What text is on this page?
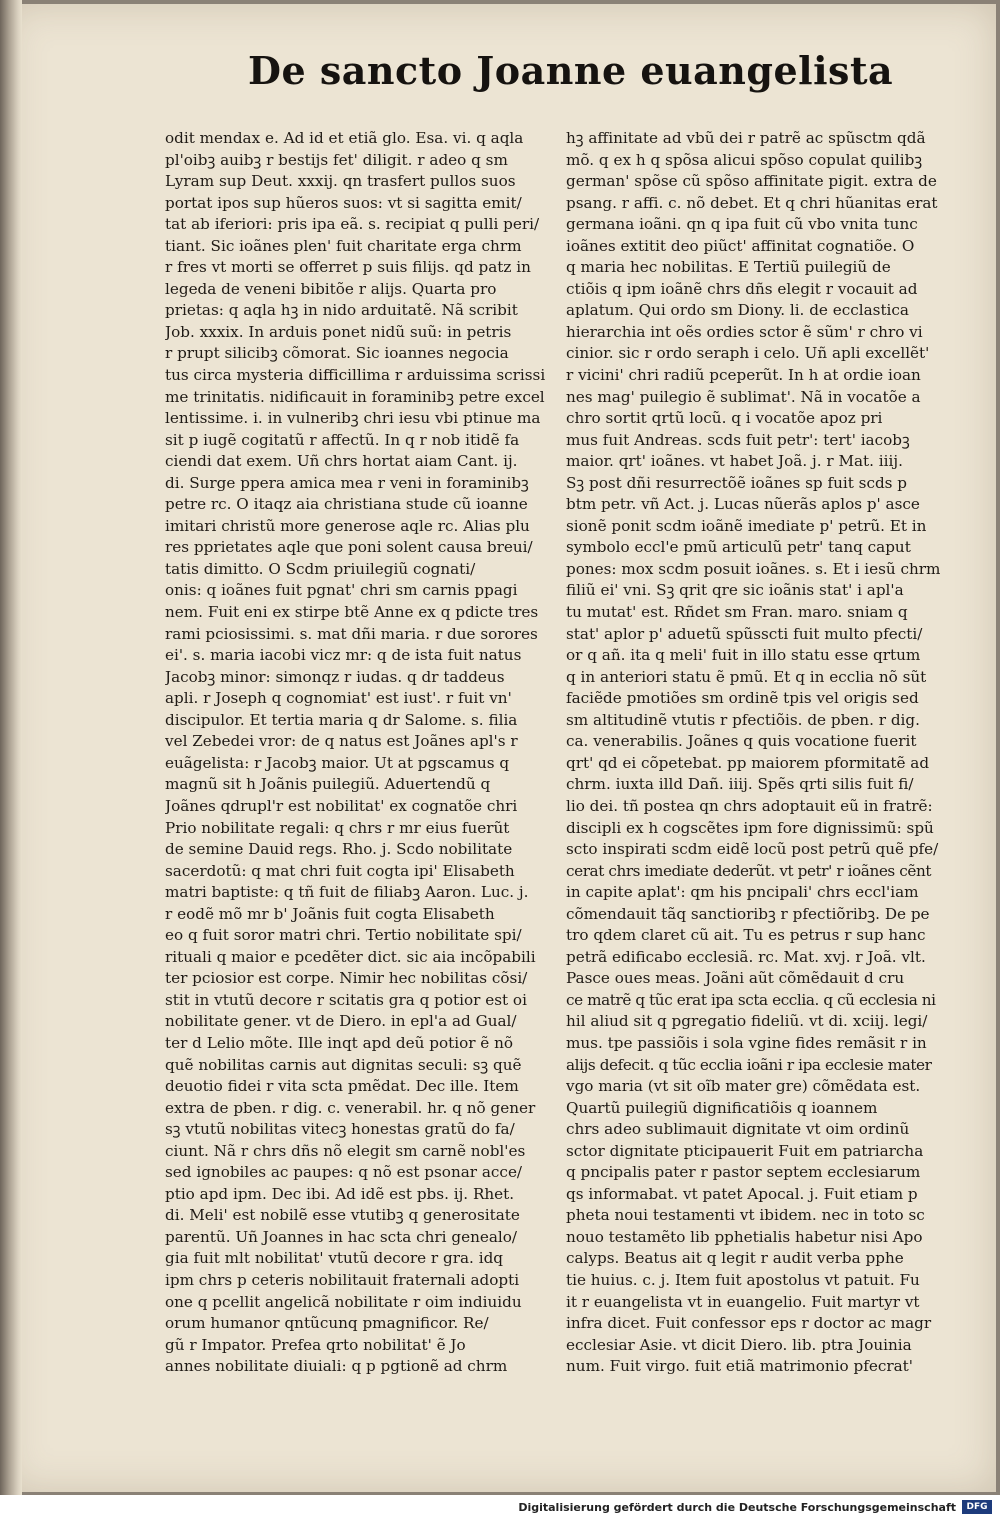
De sancto Joanne euangelista
odit mendax e. Ad id et etiã glo. Esa. vi. q aqla
pl'oibꝫ auibꝫ r bestijs fet' diligit. r adeo q sm
Lyram sup Deut. xxxij. qn trasfert pullos suos
portat ipos sup hũeros suos: vt si sagitta emit/
tat ab iferiori: pris ipa eã. s. recipiat q pulli peri/
tiant. Sic ioãnes plen' fuit charitate erga chrm
r fres vt morti se offerret p suis filijs. qd patz in
legeda de veneni bibitõe r alijs. Quarta pro
prietas: q aqla hꝫ in nido arduitatẽ. Nã scribit
Job. xxxix. In arduis ponet nidũ suũ: in petris
r prupt silicibꝫ cõmorat. Sic ioannes negocia
tus circa mysteria difficillima r arduissima scrissi
me trinitatis. nidificauit in foraminibꝫ petre excel
lentissime. i. in vulneribꝫ chri iesu vbi ptinue ma
sit p iugẽ cogitatũ r affectũ. In q r nob itidẽ fa
ciendi dat exem. Uñ chrs hortat aiam Cant. ij.
di. Surge ppera amica mea r veni in foraminibꝫ
petre rc. O itaqz aia christiana stude cũ ioanne
imitari christũ more generose aqle rc. Alias plu
res pprietates aqle que poni solent causa breui/
tatis dimitto. O Scdm priuilegiũ cognati/
onis: q ioãnes fuit pgnat' chri sm carnis ppagi
nem. Fuit eni ex stirpe btẽ Anne ex q pdicte tres
rami pciosissimi. s. mat dñi maria. r due sorores
ei'. s. maria iacobi vicz mr: q de ista fuit natus
Jacobꝫ minor: simonqz r iudas. q dr taddeus
apli. r Joseph q cognomiat' est iust'. r fuit vn'
discipulor. Et tertia maria q dr Salome. s. filia
vel Zebedei vror: de q natus est Joãnes apl's r
euãgelista: r Jacobꝫ maior. Ut at pgscamus q
magnũ sit h Joãnis puilegiũ. Aduertendũ q
Joãnes qdrupl'r est nobilitat' ex cognatõe chri
Prio nobilitate regali: q chrs r mr eius fuerũt
de semine Dauid regs. Rho. j. Scdo nobilitate
sacerdotũ: q mat chri fuit cogta ipi' Elisabeth
matri baptiste: q tñ fuit de filiabꝫ Aaron. Luc. j.
r eodẽ mõ mr b' Joãnis fuit cogta Elisabeth
eo q fuit soror matri chri. Tertio nobilitate spi/
rituali q maior e pcedẽter dict. sic aia incõpabili
ter pciosior est corpe. Nimir hec nobilitas cõsi/
stit in vtutũ decore r scitatis gra q potior est oi
nobilitate gener. vt de Diero. in epl'a ad Gual/
ter d Lelio mõte. Ille inqt apd deũ potior ẽ nõ
quẽ nobilitas carnis aut dignitas seculi: sꝫ quẽ
deuotio fidei r vita scta pmẽdat. Dec ille. Item
extra de pben. r dig. c. venerabil. hr. q nõ gener
sꝫ vtutũ nobilitas vitecꝫ honestas gratũ do fa/
ciunt. Nã r chrs dñs nõ elegit sm carnẽ nobl'es
sed ignobiles ac paupes: q nõ est psonar acce/
ptio apd ipm. Dec ibi. Ad idẽ est pbs. ij. Rhet.
di. Meli' est nobilẽ esse vtutibꝫ q generositate
parentũ. Uñ Joannes in hac scta chri genealo/
gia fuit mlt nobilitat' vtutũ decore r gra. idq
ipm chrs p ceteris nobilitauit fraternali adopti
one q pcellit angelicã nobilitate r oim indiuidu
orum humanor qntũcunq pmagnificor. Re/
gũ r Impator. Prefea qrto nobilitat' ẽ Jo
annes nobilitate diuiali: q p pgtionẽ ad chrm
hꝫ affinitate ad vbũ dei r patrẽ ac spũsctm qdã
mõ. q ex h q spõsa alicui spõso copulat quilibꝫ
german' spõse cũ spõso affinitate pigit. extra de
psang. r affi. c. nõ debet. Et q chri hũanitas erat
germana ioãni. qn q ipa fuit cũ vbo vnita tunc
ioãnes extitit deo piũct' affinitat cognatiõe. O
q maria hec nobilitas. E Tertiũ puilegiũ de
ctiõis q ipm ioãnẽ chrs dñs elegit r vocauit ad
aplatum. Qui ordo sm Diony. li. de ecclastica
hierarchia int oẽs ordies sctor ẽ sũm' r chro vi
cinior. sic r ordo seraph i celo. Uñ apli excellẽt'
r vicini' chri radiũ pceperũt. In h at ordie ioan
nes mag' puilegio ẽ sublimat'. Nã in vocatõe a
chro sortit qrtũ locũ. q i vocatõe apoz pri
mus fuit Andreas. scds fuit petr': tert' iacobꝫ
maior. qrt' ioãnes. vt habet Joã. j. r Mat. iiij.
Sꝫ post dñi resurrectõẽ ioãnes sp fuit scds p
btm petr. vñ Act. j. Lucas nũerãs aplos p' asce
sionẽ ponit scdm ioãnẽ imediate p' petrũ. Et in
symbolo eccl'e pmũ articulũ petr' tanq caput
pones: mox scdm posuit ioãnes. s. Et i iesũ chrm
filiũ ei' vni. Sꝫ qrit qre sic ioãnis stat' i apl'a
tu mutat' est. Rñdet sm Fran. maro. sniam q
stat' aplor p' aduetũ spũsscti fuit multo pfecti/
or q añ. ita q meli' fuit in illo statu esse qrtum
q in anteriori statu ẽ pmũ. Et q in ecclia nõ sũt
faciẽde pmotiões sm ordinẽ tpis vel origis sed
sm altitudinẽ vtutis r pfectiõis. de pben. r dig.
ca. venerabilis. Joãnes q quis vocatione fuerit
qrt' qd ei cõpetebat. pp maiorem pformitatẽ ad
chrm. iuxta illd Dañ. iiij. Spẽs qrti silis fuit fi/
lio dei. tñ postea qn chrs adoptauit eũ in fratrẽ:
discipli ex h cogscẽtes ipm fore dignissimũ: spũ
scto inspirati scdm eidẽ locũ post petrũ quẽ pfe/
cerat chrs imediate dederũt. vt petr' r ioãnes cẽnt
in capite aplat': qm his pncipali' chrs eccl'iam
cõmendauit tãq sanctioribꝫ r pfectiõribꝫ. De pe
tro qdem claret cũ ait. Tu es petrus r sup hanc
petrã edificabo ecclesiã. rc. Mat. xvj. r Joã. vlt.
Pasce oues meas. Joãni aũt cõmẽdauit d cru
ce matrẽ q tũc erat ipa scta ecclia. q cũ ecclesia ni
hil aliud sit q pgregatio fideliũ. vt di. xciij. legi/
mus. tpe passiõis i sola vgine fides remãsit r in
alijs defecit. q tũc ecclia ioãni r ipa ecclesie mater
vgo maria (vt sit oĩb mater gre) cõmẽdata est.
Quartũ puilegiũ dignificatiõis q ioannem
chrs adeo sublimauit dignitate vt oim ordinũ
sctor dignitate pticipauerit Fuit em patriarcha
q pncipalis pater r pastor septem ecclesiarum
qs informabat. vt patet Apocal. j. Fuit etiam p
pheta noui testamenti vt ibidem. nec in toto sc
nouo testamẽto lib pphetialis habetur nisi Apo
calyps. Beatus ait q legit r audit verba pphe
tie huius. c. j. Item fuit apostolus vt patuit. Fu
it r euangelista vt in euangelio. Fuit martyr vt
infra dicet. Fuit confessor eps r doctor ac magr
ecclesiar Asie. vt dicit Diero. lib. ptra Jouinia
num. Fuit virgo. fuit etiã matrimonio pfecrat'
Digitalisierung gefördert durch die Deutsche Forschungsgemeinschaft	DFG
